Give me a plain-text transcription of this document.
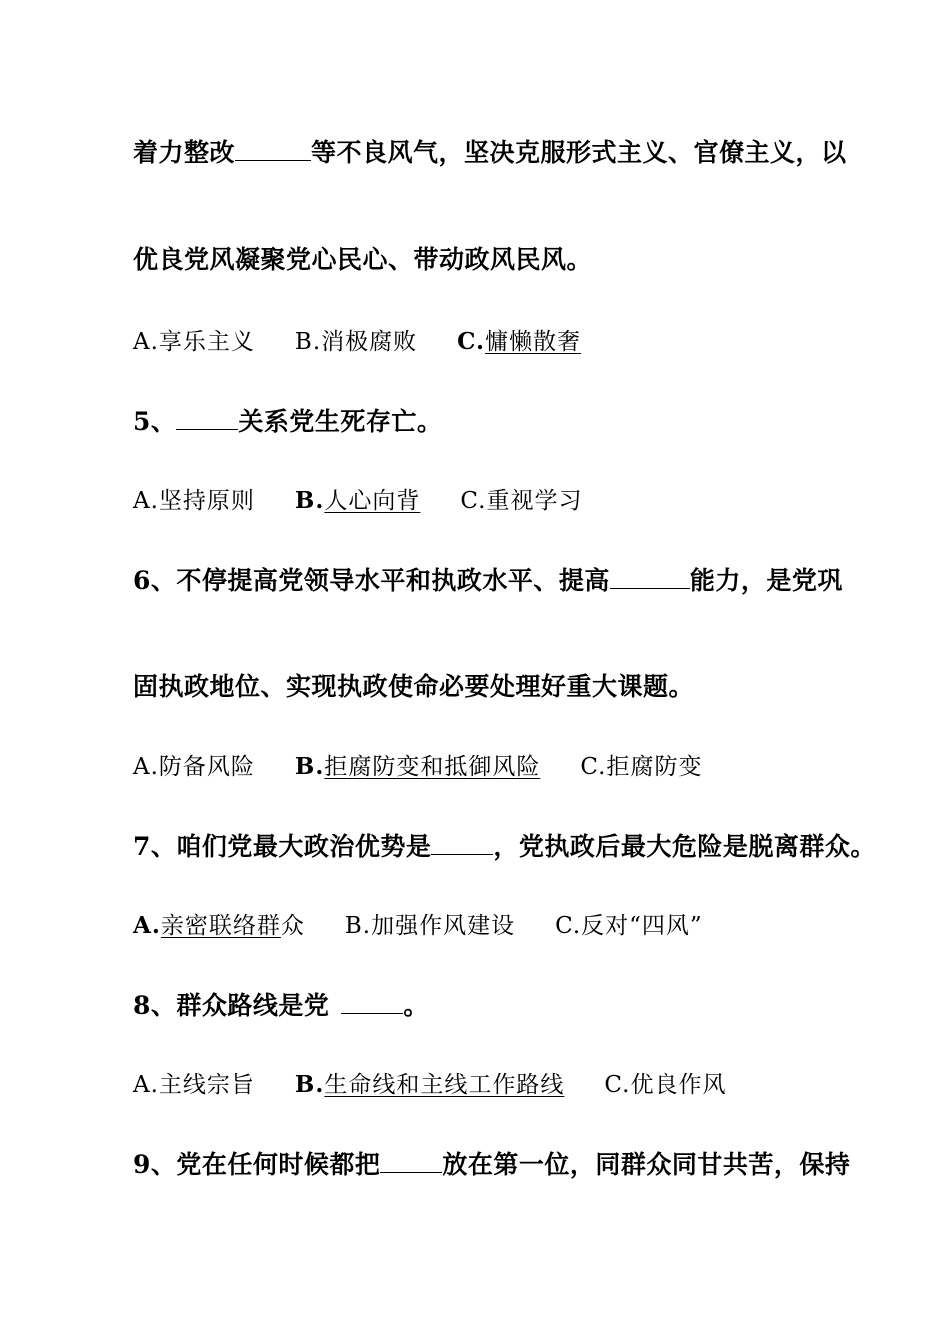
着力整改	等不良风气，坚决克服形式主义、官僚主义，以
优良党风凝聚党心民心、带动政风民风。
A.享乐主义 B.消极腐败 C.慵懒散奢
5、 关系党生死存亡。
A.坚持原则 B.人心向背 C.重视学习
6、不停提高党领导水平和执政水平、提高	能力，是党巩
固执政地位、实现执政使命必要处理好重大课题。
A.防备风险 B.拒腐防变和抵御风险 C.拒腐防变
7、咱们党最大政治优势是 ，党执政后最大危险是脱离群众。
A.亲密联络群众 B.加强作风建设 C.反对“四风”
8、群众路线是党	。
A.主线宗旨 B.生命线和主线工作路线 C.优良作风
9、党在任何时候都把 放在第一位，同群众同甘共苦，保持
